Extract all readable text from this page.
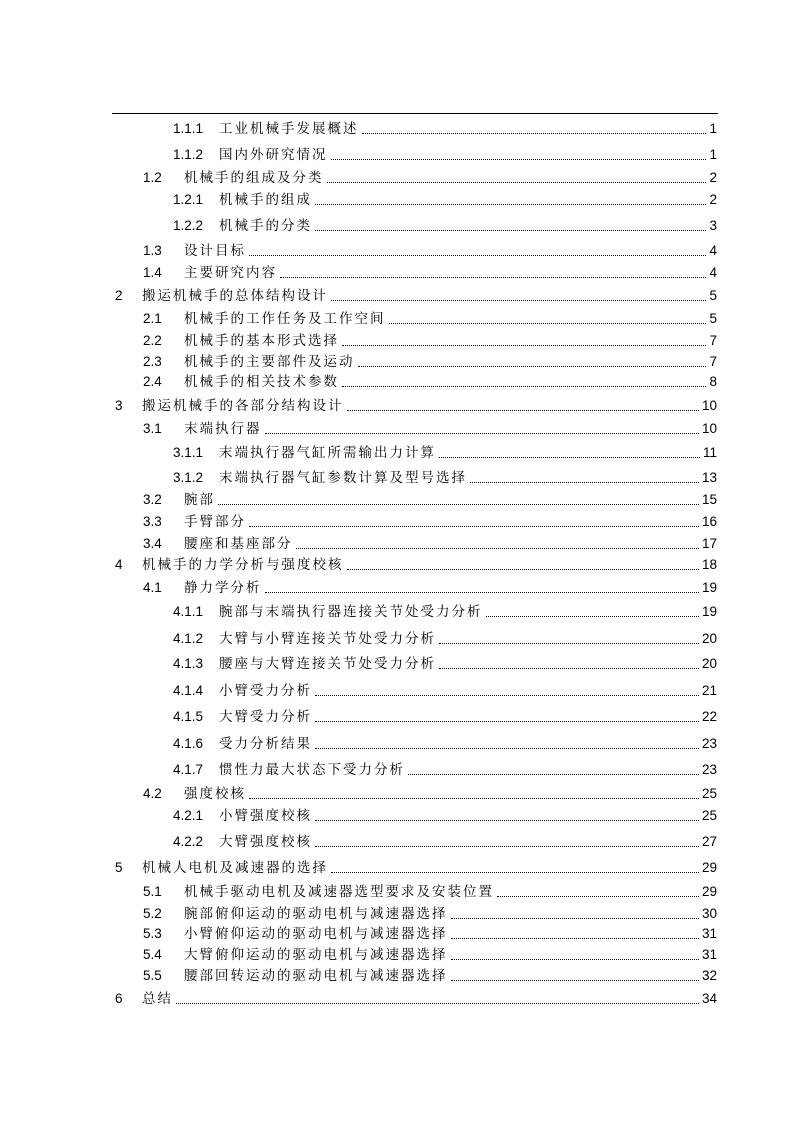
1.1.1	工业机械手发展概述	1
1.1.2	国内外研究情况	1
1.2	机械手的组成及分类	2
1.2.1	机械手的组成	2
1.2.2	机械手的分类	3
1.3	设计目标	4
1.4	主要研究内容	4
2	搬运机械手的总体结构设计	5
2.1	机械手的工作任务及工作空间	5
2.2	机械手的基本形式选择	7
2.3	机械手的主要部件及运动	7
2.4	机械手的相关技术参数	8
3	搬运机械手的各部分结构设计	10
3.1	末端执行器	10
3.1.1	末端执行器气缸所需输出力计算	11
3.1.2	末端执行器气缸参数计算及型号选择	13
3.2	腕部	15
3.3	手臂部分	16
3.4	腰座和基座部分	17
4	机械手的力学分析与强度校核	18
4.1	静力学分析	19
4.1.1	腕部与末端执行器连接关节处受力分析	19
4.1.2	大臂与小臂连接关节处受力分析	20
4.1.3	腰座与大臂连接关节处受力分析	20
4.1.4	小臂受力分析	21
4.1.5	大臂受力分析	22
4.1.6	受力分析结果	23
4.1.7	惯性力最大状态下受力分析	23
4.2	强度校核	25
4.2.1	小臂强度校核	25
4.2.2	大臂强度校核	27
5	机械人电机及减速器的选择	29
5.1	机械手驱动电机及减速器选型要求及安装位置	29
5.2	腕部俯仰运动的驱动电机与减速器选择	30
5.3	小臂俯仰运动的驱动电机与减速器选择	31
5.4	大臂俯仰运动的驱动电机与减速器选择	31
5.5	腰部回转运动的驱动电机与减速器选择	32
6	总结	34
